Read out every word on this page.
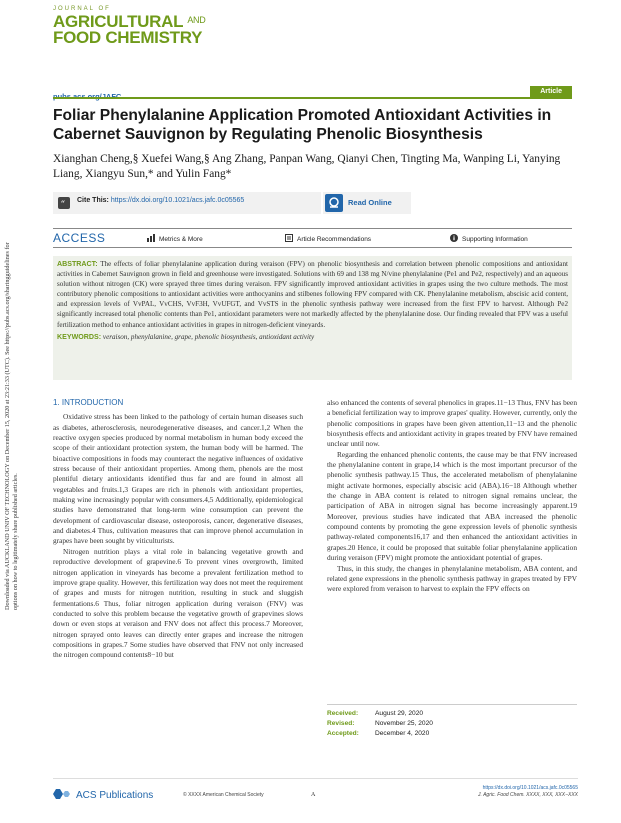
Downloaded via AUCKLAND UNIV OF TECHNOLOGY on December 15, 2020 at 23:21:33 (UTC). See https://pubs.acs.org/sharingguidelines for options on how to legitimately share published articles.
JOURNAL OF
AGRICULTURAL $^{AND}$
FOOD CHEMISTRY
Article
Foliar Phenylalanine Application Promoted Antioxidant Activities in Cabernet Sauvignon by Regulating Phenolic Biosynthesis
Xianghan Cheng,§ Xuefei Wang,§ Ang Zhang, Panpan Wang, Qianyi Chen, Tingting Ma, Wanping Li, Yanying Liang, Xiangyu Sun,* and Yulin Fang*
“ Cite This: https://dx.doi.org/10.1021/acs.jafc.0c05565	Read Online
ACCESS	Metrics & More	Article Recommendations	Supporting Information

ABSTRACT: The effects of foliar phenylalanine application during veraison (FPV) on phenolic biosynthesis and correlation between phenolic compositions and antioxidant activities in Cabernet Sauvignon grown in field and greenhouse were investigated. Solutions with 69 and 138 mg N/vine phenylalanine (Pe1 and Pe2, respectively) and an aqueous solution without nitrogen (CK) were sprayed three times during veraison. FPV significantly improved antioxidant activities in grapes using the two culture methods. The most contributory phenolic compositions to antioxidant activities were anthocyanins and stilbenes following FPV compared with CK. Phenylalanine metabolism, abscisic acid content, and expression levels of VvPAL, VvCHS, VvF3H, VvUFGT, and VvSTS in the phenolic synthesis pathway were increased from the first FPV to harvest. Although Pe2 significantly increased total phenolic contents than Pe1, antioxidant parameters were not markedly affected by the phenylalanine dose. Our finding revealed that FPV was a useful fertilization method to enhance antioxidant activities in grapes in nitrogen-deficient vineyards.

KEYWORDS: veraison, phenylalanine, grape, phenolic biosynthesis, antioxidant activity

1. INTRODUCTION

Oxidative stress has been linked to the pathology of certain human diseases such as diabetes, atherosclerosis, neurodegenerative diseases, and cancer.1,2 When the reactive oxygen species produced by normal metabolism in human body exceed the scope of their antioxidant protection system, the human body will be harmed. The bioactive compositions in foods may counteract the negative influences of oxidative stress because of their antioxidant properties. Among them, phenols are the most plentiful dietary antioxidants identified thus far and are found in almost all vegetables and fruits.1,3 Grapes are rich in phenols with antioxidant properties, making wine increasingly popular with consumers.4,5 Additionally, epidemiological studies have demonstrated that long-term wine consumption can prevent the development of cardiovascular disease, osteoporosis, cancer, degenerative diseases, and diabetes.4 Thus, cultivation measures that can improve phenol accumulation in grapes have been sought by viticulturists.

Nitrogen nutrition plays a vital role in balancing vegetative growth and reproductive development of grapevine.6 To prevent vines overgrowth, limited nitrogen application in vineyards has become a prevalent fertilization method to improve grape quality. However, this fertilization way does not meet the requirement of grapes and musts for nitrogen nutrition, resulting in stuck and sluggish fermentations.6 Thus, foliar nitrogen application during veraison (FNV) was conducted to solve this problem because the vegetative growth of grapevines slows down or even stops at veraison and FNV does not affect this process.7 Moreover, nitrogen sprayed onto leaves can directly enter grapes and increase the nitrogen compositions in grapes.7 Some studies have observed that FNV not only increased the nitrogen compound contents8−10 but

also enhanced the contents of several phenolics in grapes.11−13 Thus, FNV has been a beneficial fertilization way to improve grapes' quality. However, currently, only the phenolic compositions in grapes have been given attention,11−13 and the phenolic biosynthesis effects and antioxidant activity in grapes treated by FNV have remained unclear until now.

Regarding the enhanced phenolic contents, the cause may be that FNV increased the phenylalanine content in grape,14 which is the most important precursor of the phenolic synthesis pathway.15 Thus, the accelerated metabolism of phenylalanine might activate hormones, especially abscisic acid (ABA).16−18 Although whether the change in ABA content is related to nitrogen signal remains unclear, the participation of ABA in nitrogen signal has become increasingly apparent.19 Moreover, previous studies have indicated that ABA increased the phenolic compound contents by promoting the gene expression levels of phenolic synthesis pathway-related components16,17 and then enhanced the antioxidant activities in grapes.20 Hence, it could be proposed that suitable foliar phenylalanine application during veraison (FPV) might promote the antioxidant potential of grapes.

Thus, in this study, the changes in phenylalanine metabolism, ABA content, and related gene expressions in the phenolic synthesis pathway in grapes treated by FPV were explored from veraison to harvest to explain the FPV effects on

Received:	August 29, 2020
Revised:	November 25, 2020
Accepted: December 4, 2020
ACS Publications	© XXXX American Chemical Society	A
https://dx.doi.org/10.1021/acs.jafc.0c05565
J. Agric. Food Chem. XXXX, XXX, XXX−XXX
